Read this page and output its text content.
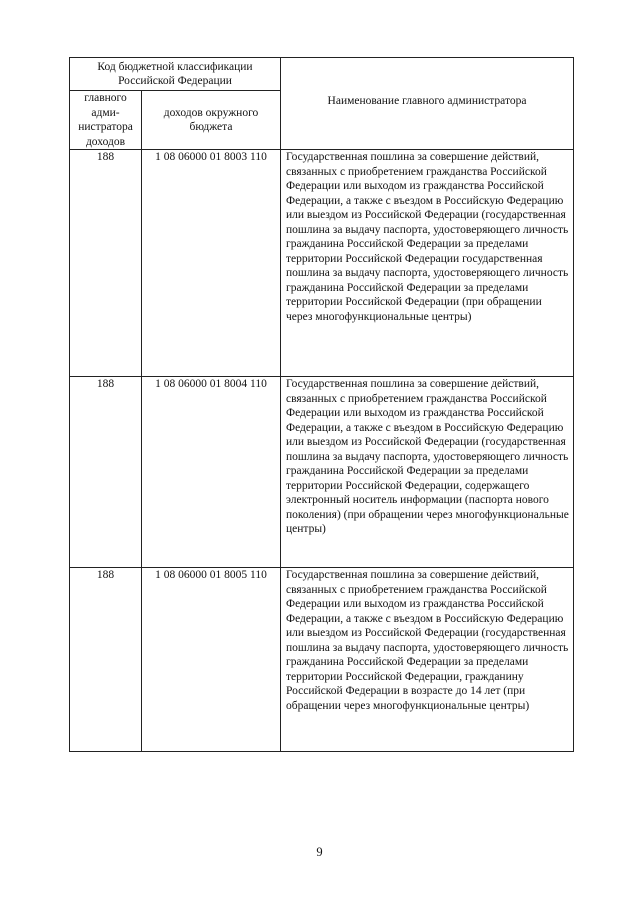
Код бюджетной классификации Российской Федерации		Наименование главного администратора

главного адми-нистратора доходов	доходов окружного бюджета	
188	1 08 06000 01 8003 110	Государственная пошлина за совершение действий, связанных с приобретением гражданства Российской Федерации или выходом из гражданства Российской Федерации, а также с въездом в Российскую Федерацию или выездом из Российской Федерации (государственная пошлина за выдачу паспорта, удостоверяющего личность гражданина Российской Федерации за пределами территории Российской Федерации государственная пошлина за выдачу паспорта, удостоверяющего личность гражданина Российской Федерации за пределами территории Российской Федерации (при обращении через многофункциональные центры)
188	1 08 06000 01 8004 110	Государственная пошлина за совершение действий, связанных с приобретением гражданства Российской Федерации или выходом из гражданства Российской Федерации, а также с въездом в Российскую Федерацию или выездом из Российской Федерации (государственная пошлина за выдачу паспорта, удостоверяющего личность гражданина Российской Федерации за пределами территории Российской Федерации, содержащего электронный носитель информации (паспорта нового поколения) (при обращении через многофункциональные центры)
188	1 08 06000 01 8005 110	Государственная пошлина за совершение действий, связанных с приобретением гражданства Российской Федерации или выходом из гражданства Российской Федерации, а также с въездом в Российскую Федерацию или выездом из Российской Федерации (государственная пошлина за выдачу паспорта, удостоверяющего личность гражданина Российской Федерации за пределами территории Российской Федерации, гражданину Российской Федерации в возрасте до 14 лет (при обращении через многофункциональные центры)
9
